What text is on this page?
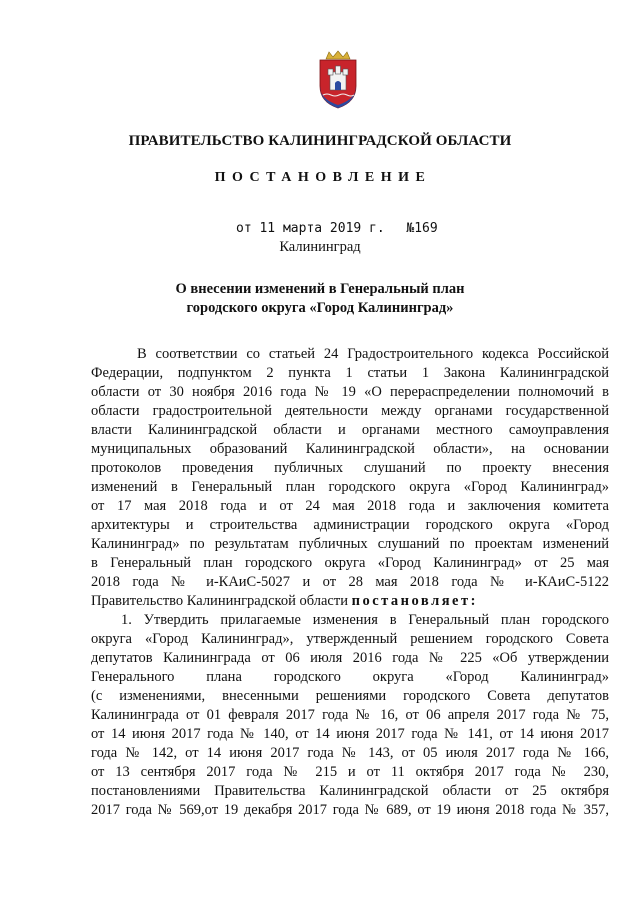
ПРАВИТЕЛЬСТВО КАЛИНИНГРАДСКОЙ ОБЛАСТИ
ПОСТАНОВЛЕНИЕ
от 11 марта 2019 г. №169
Калининград
О внесении изменений в Генеральный план
городского округа «Город Калининград»
В соответствии со статьей 24 Градостроительного кодекса Российской
Федерации, подпунктом 2 пункта 1 статьи 1 Закона Калининградской
области от 30 ноября 2016 года № 19 «О перераспределении полномочий в
области градостроительной деятельности между органами государственной
власти Калининградской области и органами местного самоуправления
муниципальных образований Калининградской области», на основании
протоколов проведения публичных слушаний по проекту внесения
изменений в Генеральный план городского округа «Город Калининград»
от 17 мая 2018 года и от 24 мая 2018 года и заключения комитета
архитектуры и строительства администрации городского округа «Город
Калининград» по результатам публичных слушаний по проектам изменений
в Генеральный план городского округа «Город Калининград» от 25 мая
2018 года № и-КАиС-5027 и от 28 мая 2018 года № и-КАиС-5122
Правительство Калининградской области постановляет:
1. Утвердить прилагаемые изменения в Генеральный план городского
округа «Город Калининград», утвержденный решением городского Совета
депутатов Калининграда от 06 июля 2016 года № 225 «Об утверждении
Генерального плана городского округа «Город Калининград»
(с изменениями, внесенными решениями городского Совета депутатов
Калининграда от 01 февраля 2017 года № 16, от 06 апреля 2017 года № 75,
от 14 июня 2017 года № 140, от 14 июня 2017 года № 141, от 14 июня 2017
года № 142, от 14 июня 2017 года № 143, от 05 июля 2017 года № 166,
от 13 сентября 2017 года № 215 и от 11 октября 2017 года № 230,
постановлениями Правительства Калининградской области от 25 октября
2017 года № 569,от 19 декабря 2017 года № 689, от 19 июня 2018 года № 357,
